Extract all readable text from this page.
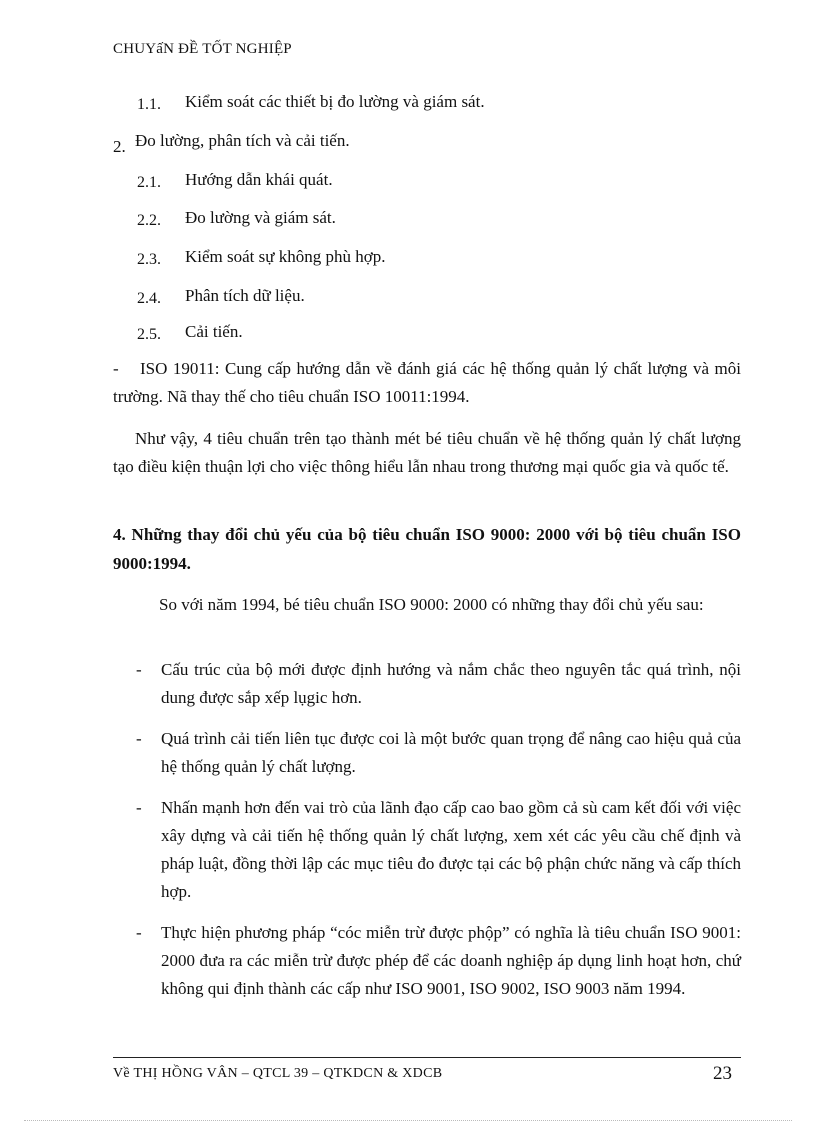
CHUYấN ĐỀ TỐT NGHIỆP
1.1. Kiểm soát các thiết bị đo lường và giám sát.
2. Đo lường, phân tích và cải tiến.
2.1. Hướng dẫn khái quát.
2.2. Đo lường và giám sát.
2.3. Kiểm soát sự không phù hợp.
2.4. Phân tích dữ liệu.
2.5. Cải tiến.
- ISO 19011: Cung cấp hướng dẫn về đánh giá các hệ thống quản lý chất lượng và môi trường. Nã thay thế cho tiêu chuẩn ISO 10011:1994.
Như vậy, 4 tiêu chuẩn trên tạo thành mét bé tiêu chuẩn về hệ thống quản lý chất lượng tạo điều kiện thuận lợi cho việc thông hiểu lẫn nhau trong thương mại quốc gia và quốc tế.
4. Những thay đổi chủ yếu của bộ tiêu chuẩn ISO 9000: 2000 với bộ tiêu chuẩn ISO 9000:1994.
So với năm 1994, bé tiêu chuẩn ISO 9000: 2000 có những thay đổi chủ yếu sau:
- Cấu trúc của bộ mới được định hướng và nắm chắc theo nguyên tắc quá trình, nội dung được sắp xếp lụgic hơn.
- Quá trình cải tiến liên tục được coi là một bước quan trọng để nâng cao hiệu quả của hệ thống quản lý chất lượng.
- Nhấn mạnh hơn đến vai trò của lãnh đạo cấp cao bao gồm cả sù cam kết đối với việc xây dựng và cải tiến hệ thống quản lý chất lượng, xem xét các yêu cầu chế định và pháp luật, đồng thời lập các mục tiêu đo được tại các bộ phận chức năng và cấp thích hợp.
- Thực hiện phương pháp “cóc miễn trừ được phộp” có nghĩa là tiêu chuẩn ISO 9001: 2000 đưa ra các miễn trừ được phép để các doanh nghiệp áp dụng linh hoạt hơn, chứ không qui định thành các cấp như ISO 9001, ISO 9002, ISO 9003 năm 1994.
Về THỊ HỒNG VÂN – QTCL 39 – QTKDCN & XDCB	23
